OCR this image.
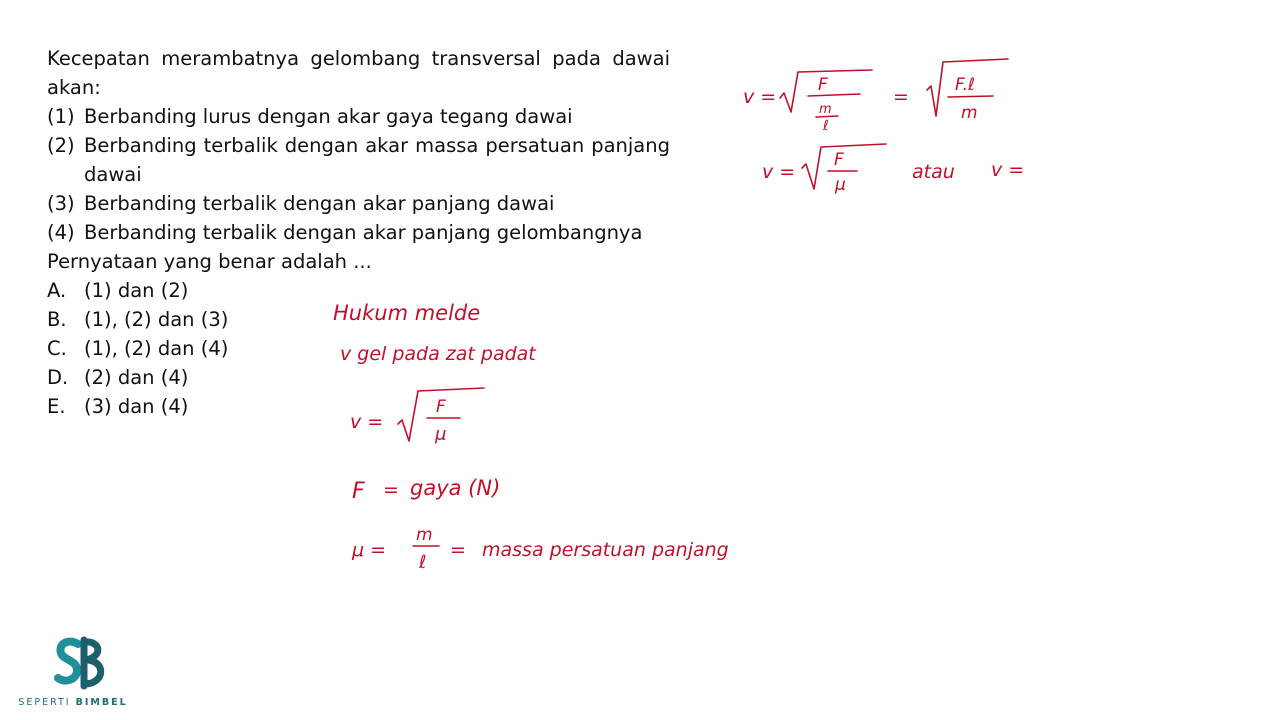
Kecepatan merambatnya gelombang transversal pada dawai akan:
(1) Berbanding lurus dengan akar gaya tegang dawai
(2) Berbanding terbalik dengan akar massa persatuan panjang dawai
(3) Berbanding terbalik dengan akar panjang dawai
(4) Berbanding terbalik dengan akar panjang gelombangnya
Pernyataan yang benar adalah ...
A. (1) dan (2)
B. (1), (2) dan (3)
C. (1), (2) dan (4)
D. (2) dan (4)
E. (3) dan (4)
Hukum melde
v gel pada zat padat
v =
F
μ
F = gaya (N)
μ =
m
ℓ
= massa persatuan panjang
v =
F
m
ℓ
=
F.ℓ
m
v =
F
μ
atau v =
SEPERTI BIMBEL
